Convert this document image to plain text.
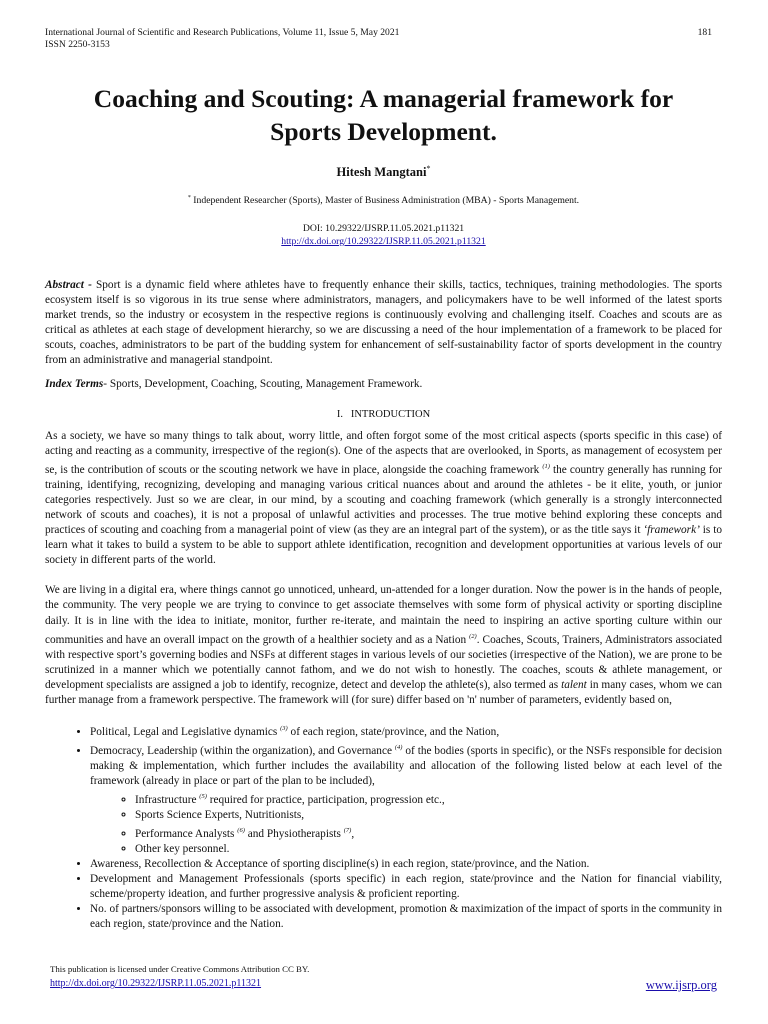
International Journal of Scientific and Research Publications, Volume 11, Issue 5, May 2021
ISSN 2250-3153
181
Coaching and Scouting: A managerial framework for
Sports Development.
Hitesh Mangtani*
* Independent Researcher (Sports), Master of Business Administration (MBA) - Sports Management.
DOI: 10.29322/IJSRP.11.05.2021.p11321
http://dx.doi.org/10.29322/IJSRP.11.05.2021.p11321

Abstract - Sport is a dynamic field where athletes have to frequently enhance their skills, tactics, techniques, training methodologies. The sports ecosystem itself is so vigorous in its true sense where administrators, managers, and policymakers have to be well informed of the latest sports market trends, so the industry or ecosystem in the respective regions is continuously evolving and challenging itself. Coaches and scouts are as critical as athletes at each stage of development hierarchy, so we are discussing a need of the hour implementation of a framework to be placed for scouts, coaches, administrators to be part of the budding system for enhancement of self-sustainability factor of sports development in the country from an administrative and managerial standpoint.

Index Terms- Sports, Development, Coaching, Scouting, Management Framework.

I. INTRODUCTION

As a society, we have so many things to talk about, worry little, and often forgot some of the most critical aspects (sports specific in this case) of acting and reacting as a community, irrespective of the region(s). One of the aspects that are overlooked, in Sports, as management of ecosystem per se, is the contribution of scouts or the scouting network we have in place, alongside the coaching framework $^{(1)}$ the country generally has running for training, identifying, recognizing, developing and managing various critical nuances about and around the athletes - be it elite, youth, or junior categories respectively. Just so we are clear, in our mind, by a scouting and coaching framework (which generally is a strongly interconnected network of scouts and coaches), it is not a proposal of unlawful activities and processes. The true motive behind exploring these concepts and practices of scouting and coaching from a managerial point of view (as they are an integral part of the system), or as the title says it ‘framework’ is to learn what it takes to build a system to be able to support athlete identification, recognition and development opportunities at various levels of our society in different parts of the world.

We are living in a digital era, where things cannot go unnoticed, unheard, un-attended for a longer duration. Now the power is in the hands of people, the community. The very people we are trying to convince to get associate themselves with some form of physical activity or sporting discipline daily. It is in line with the idea to initiate, monitor, further re-iterate, and maintain the need to inspiring an active sporting culture within our communities and have an overall impact on the growth of a healthier society and as a Nation $^{(2)}$. Coaches, Scouts, Trainers, Administrators associated with respective sport’s governing bodies and NSFs at different stages in various levels of our societies (irrespective of the Nation), we are prone to be scrutinized in a manner which we potentially cannot fathom, and we do not wish to honestly. The coaches, scouts & athlete management, or development specialists are assigned a job to identify, recognize, detect and develop the athlete(s), also termed as talent in many cases, whom we can further manage from a framework perspective. The framework will (for sure) differ based on 'n' number of parameters, evidently based on,

• Political, Legal and Legislative dynamics $^{(3)}$ of each region, state/province, and the Nation,
• Democracy, Leadership (within the organization), and Governance $^{(4)}$ of the bodies (sports in specific), or the NSFs responsible for decision making & implementation, which further includes the availability and allocation of the following listed below at each level of the framework (already in place or part of the plan to be included),
◦ Infrastructure $^{(5)}$ required for practice, participation, progression etc.,
◦ Sports Science Experts, Nutritionists,
◦ Performance Analysts $^{(6)}$ and Physiotherapists $^{(7)}$,
◦ Other key personnel.
• Awareness, Recollection & Acceptance of sporting discipline(s) in each region, state/province, and the Nation.
• Development and Management Professionals (sports specific) in each region, state/province and the Nation for financial viability, scheme/property ideation, and further progressive analysis & proficient reporting.
• No. of partners/sponsors willing to be associated with development, promotion & maximization of the impact of sports in the community in each region, state/province and the Nation.
This publication is licensed under Creative Commons Attribution CC BY.
http://dx.doi.org/10.29322/IJSRP.11.05.2021.p11321	www.ijsrp.org
